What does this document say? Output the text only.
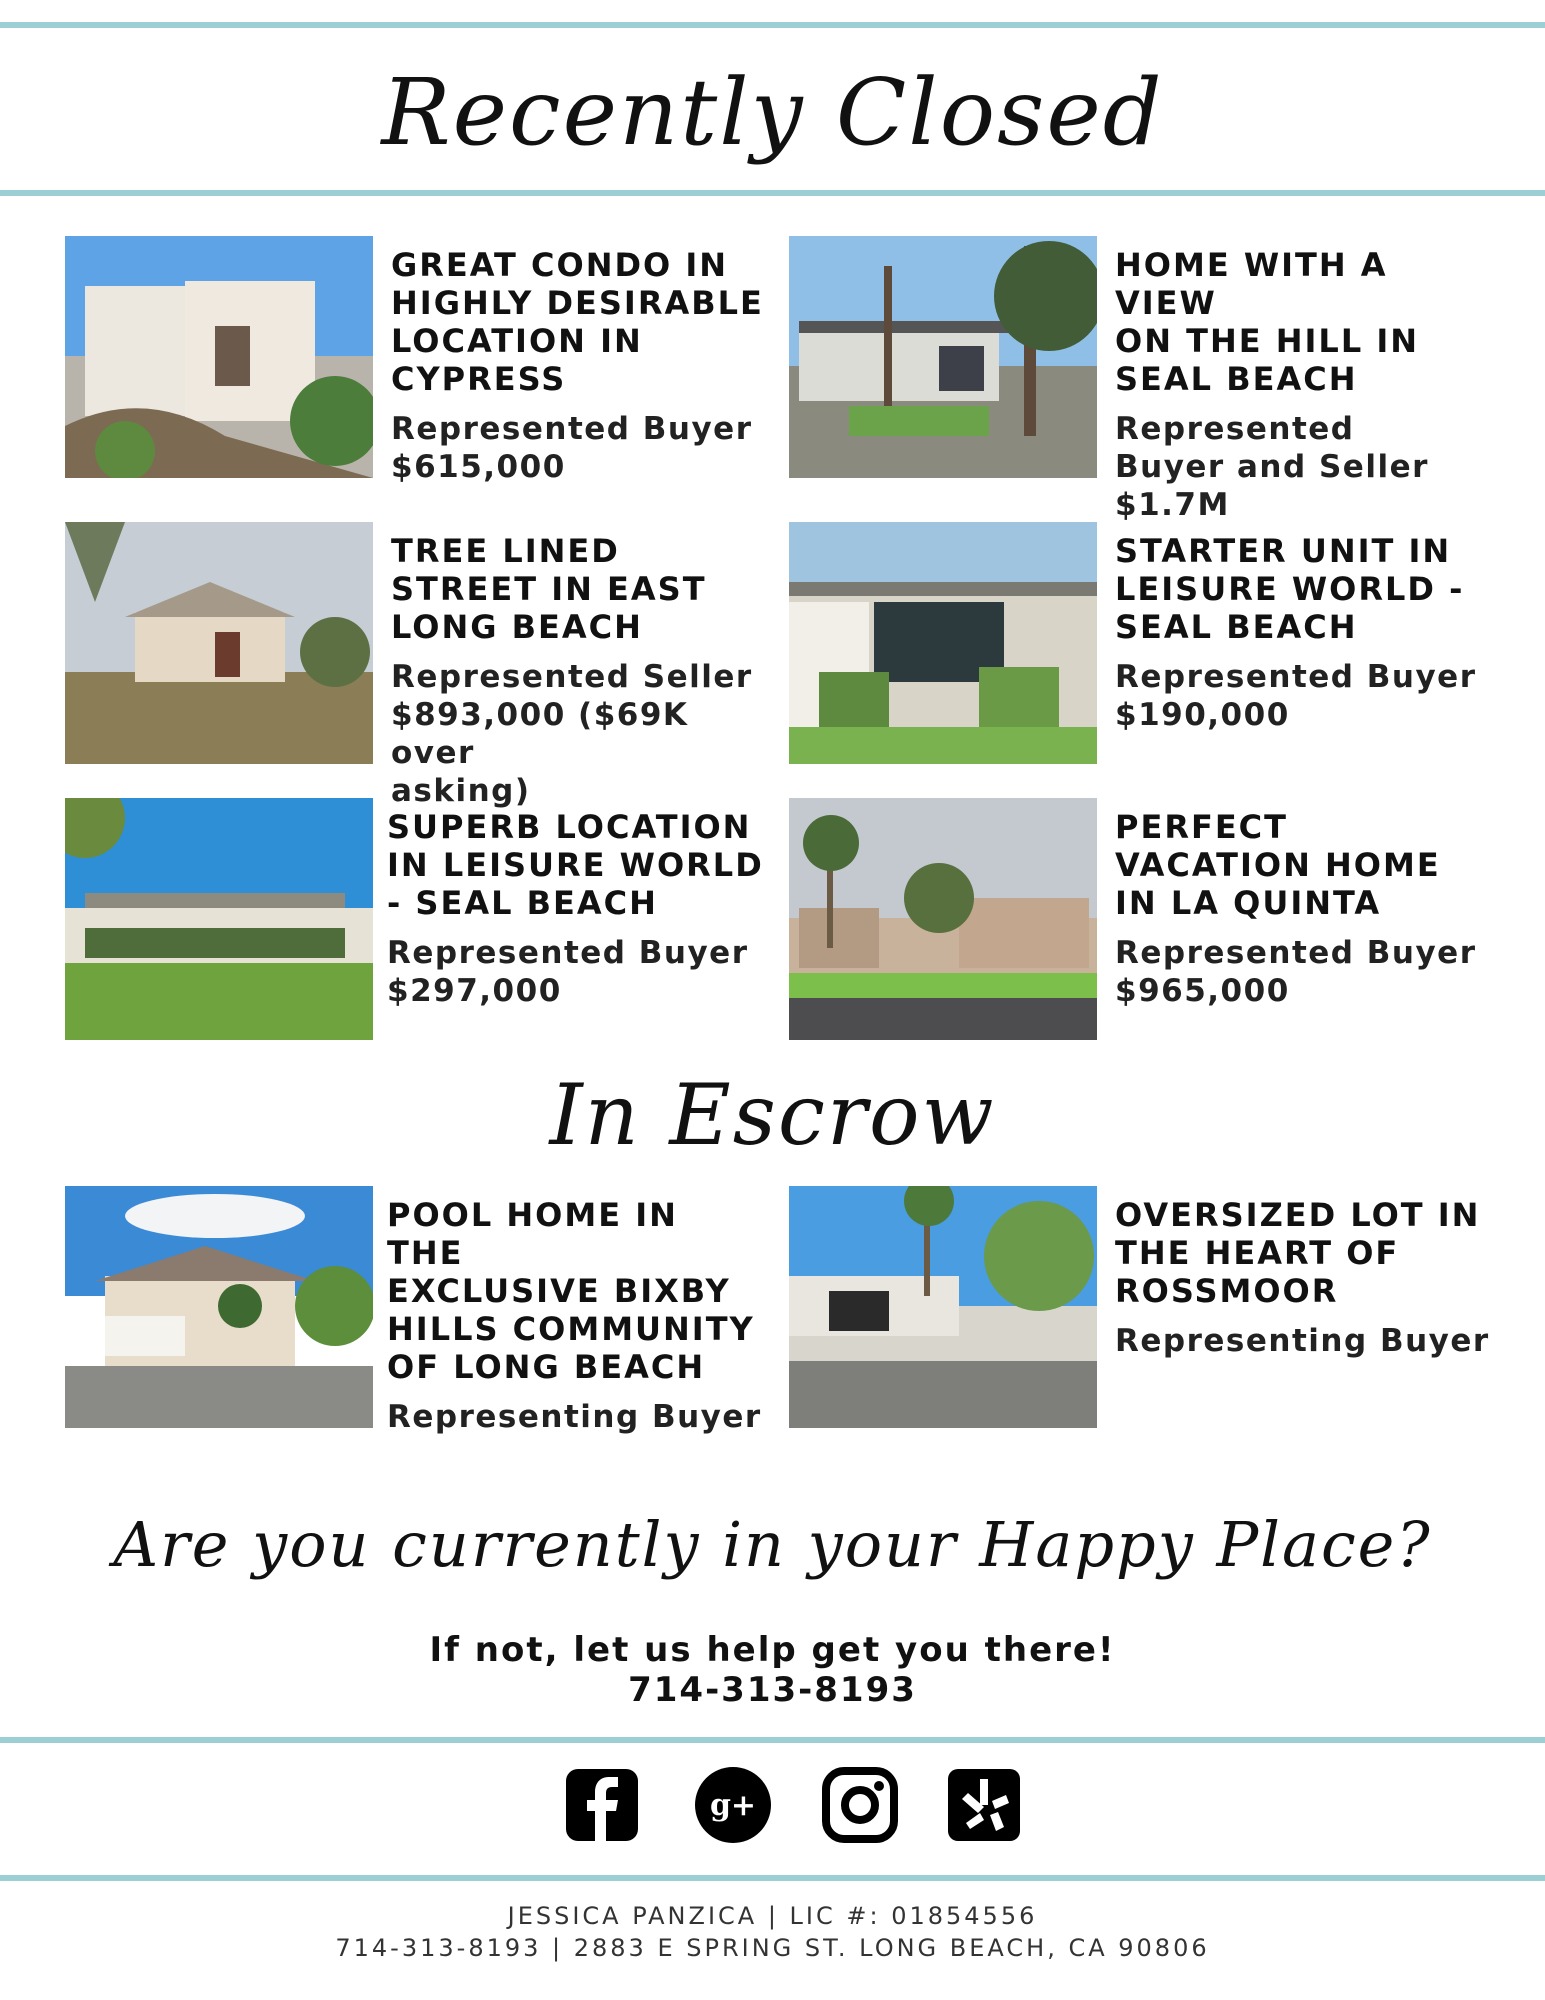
Recently Closed
GREAT CONDO IN
HIGHLY DESIRABLE
LOCATION IN
CYPRESS
Represented Buyer
$615,000
HOME WITH A VIEW
ON THE HILL IN
SEAL BEACH
Represented
Buyer and Seller
$1.7M
TREE LINED
STREET IN EAST
LONG BEACH
Represented Seller
$893,000 ($69K over
asking)
STARTER UNIT IN
LEISURE WORLD -
SEAL BEACH
Represented Buyer
$190,000
SUPERB LOCATION
IN LEISURE WORLD
- SEAL BEACH
Represented Buyer
$297,000
PERFECT
VACATION HOME
IN LA QUINTA
Represented Buyer
$965,000
In Escrow
POOL HOME IN THE
EXCLUSIVE BIXBY
HILLS COMMUNITY
OF LONG BEACH
Representing Buyer
OVERSIZED LOT IN
THE HEART OF
ROSSMOOR
Representing Buyer
Are you currently in your Happy Place?
If not, let us help get you there!
714-313-8193
g+
JESSICA PANZICA | LIC #: 01854556
714-313-8193 | 2883 E SPRING ST. LONG BEACH, CA 90806
